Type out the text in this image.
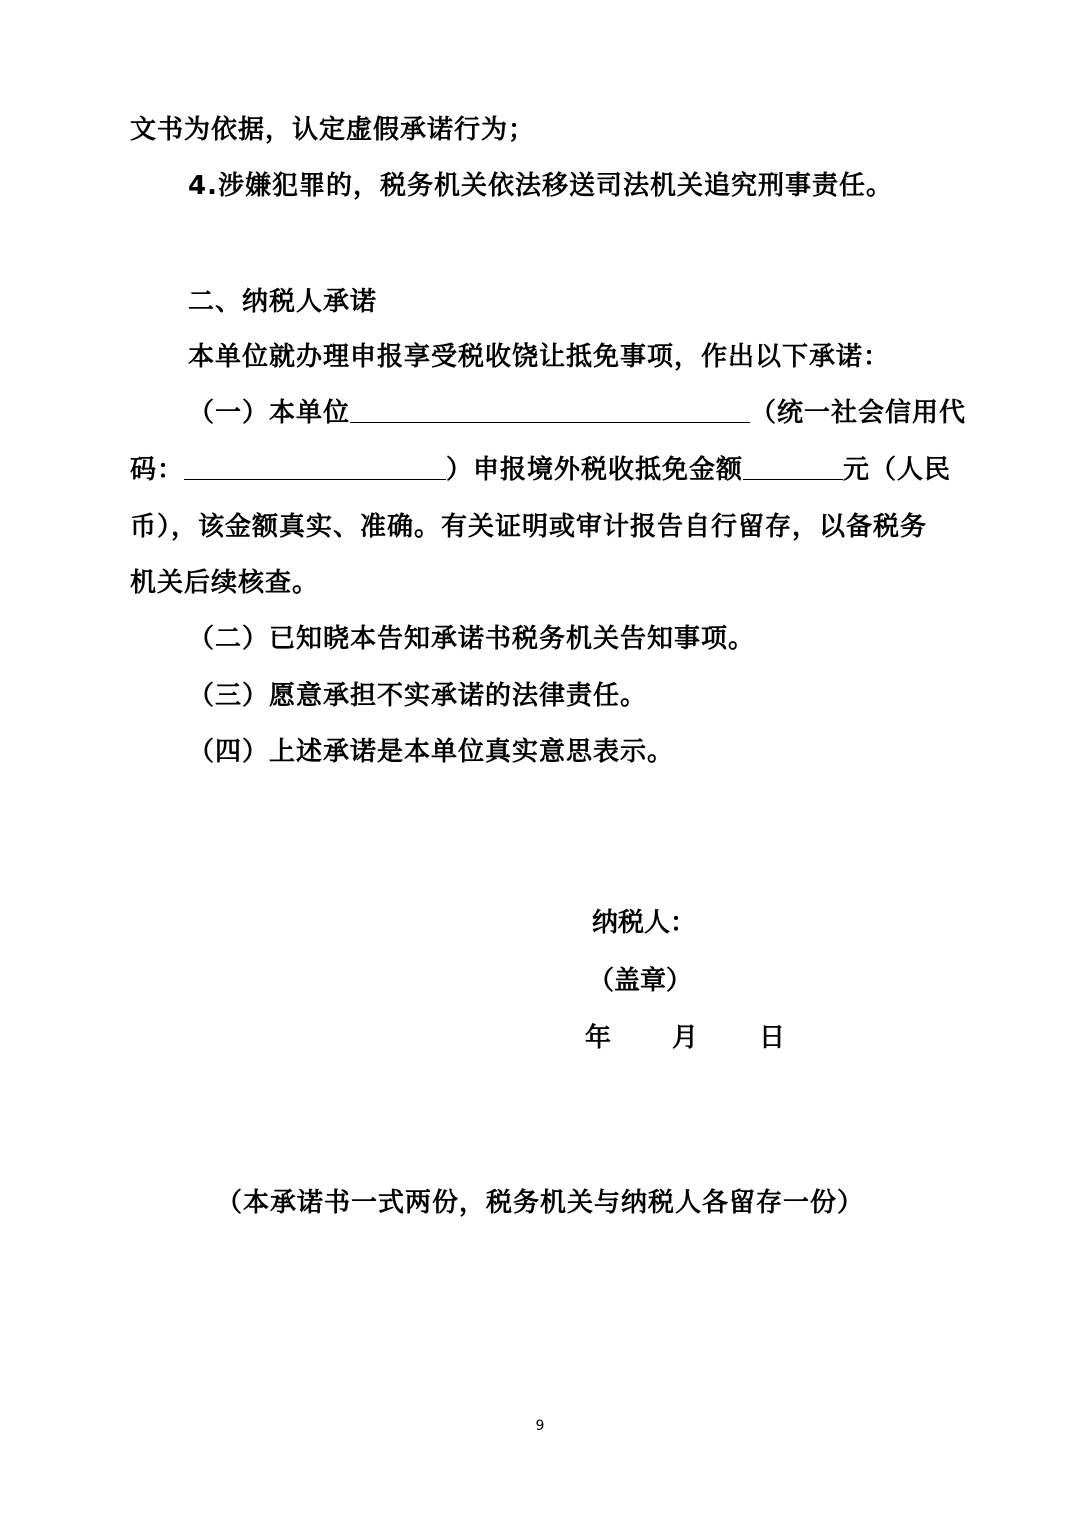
文书为依据，认定虚假承诺行为；
4.涉嫌犯罪的，税务机关依法移送司法机关追究刑事责任。
二、纳税人承诺
本单位就办理申报享受税收饶让抵免事项，作出以下承诺：
（一）本单位	（统一社会信用代
码：	）申报境外税收抵免金额	元（人民
币），该金额真实、准确。有关证明或审计报告自行留存，以备税务
机关后续核查。
（二）已知晓本告知承诺书税务机关告知事项。
（三）愿意承担不实承诺的法律责任。
（四）上述承诺是本单位真实意思表示。
纳税人：
（盖章）
年 月 日
（本承诺书一式两份，税务机关与纳税人各留存一份）
9
